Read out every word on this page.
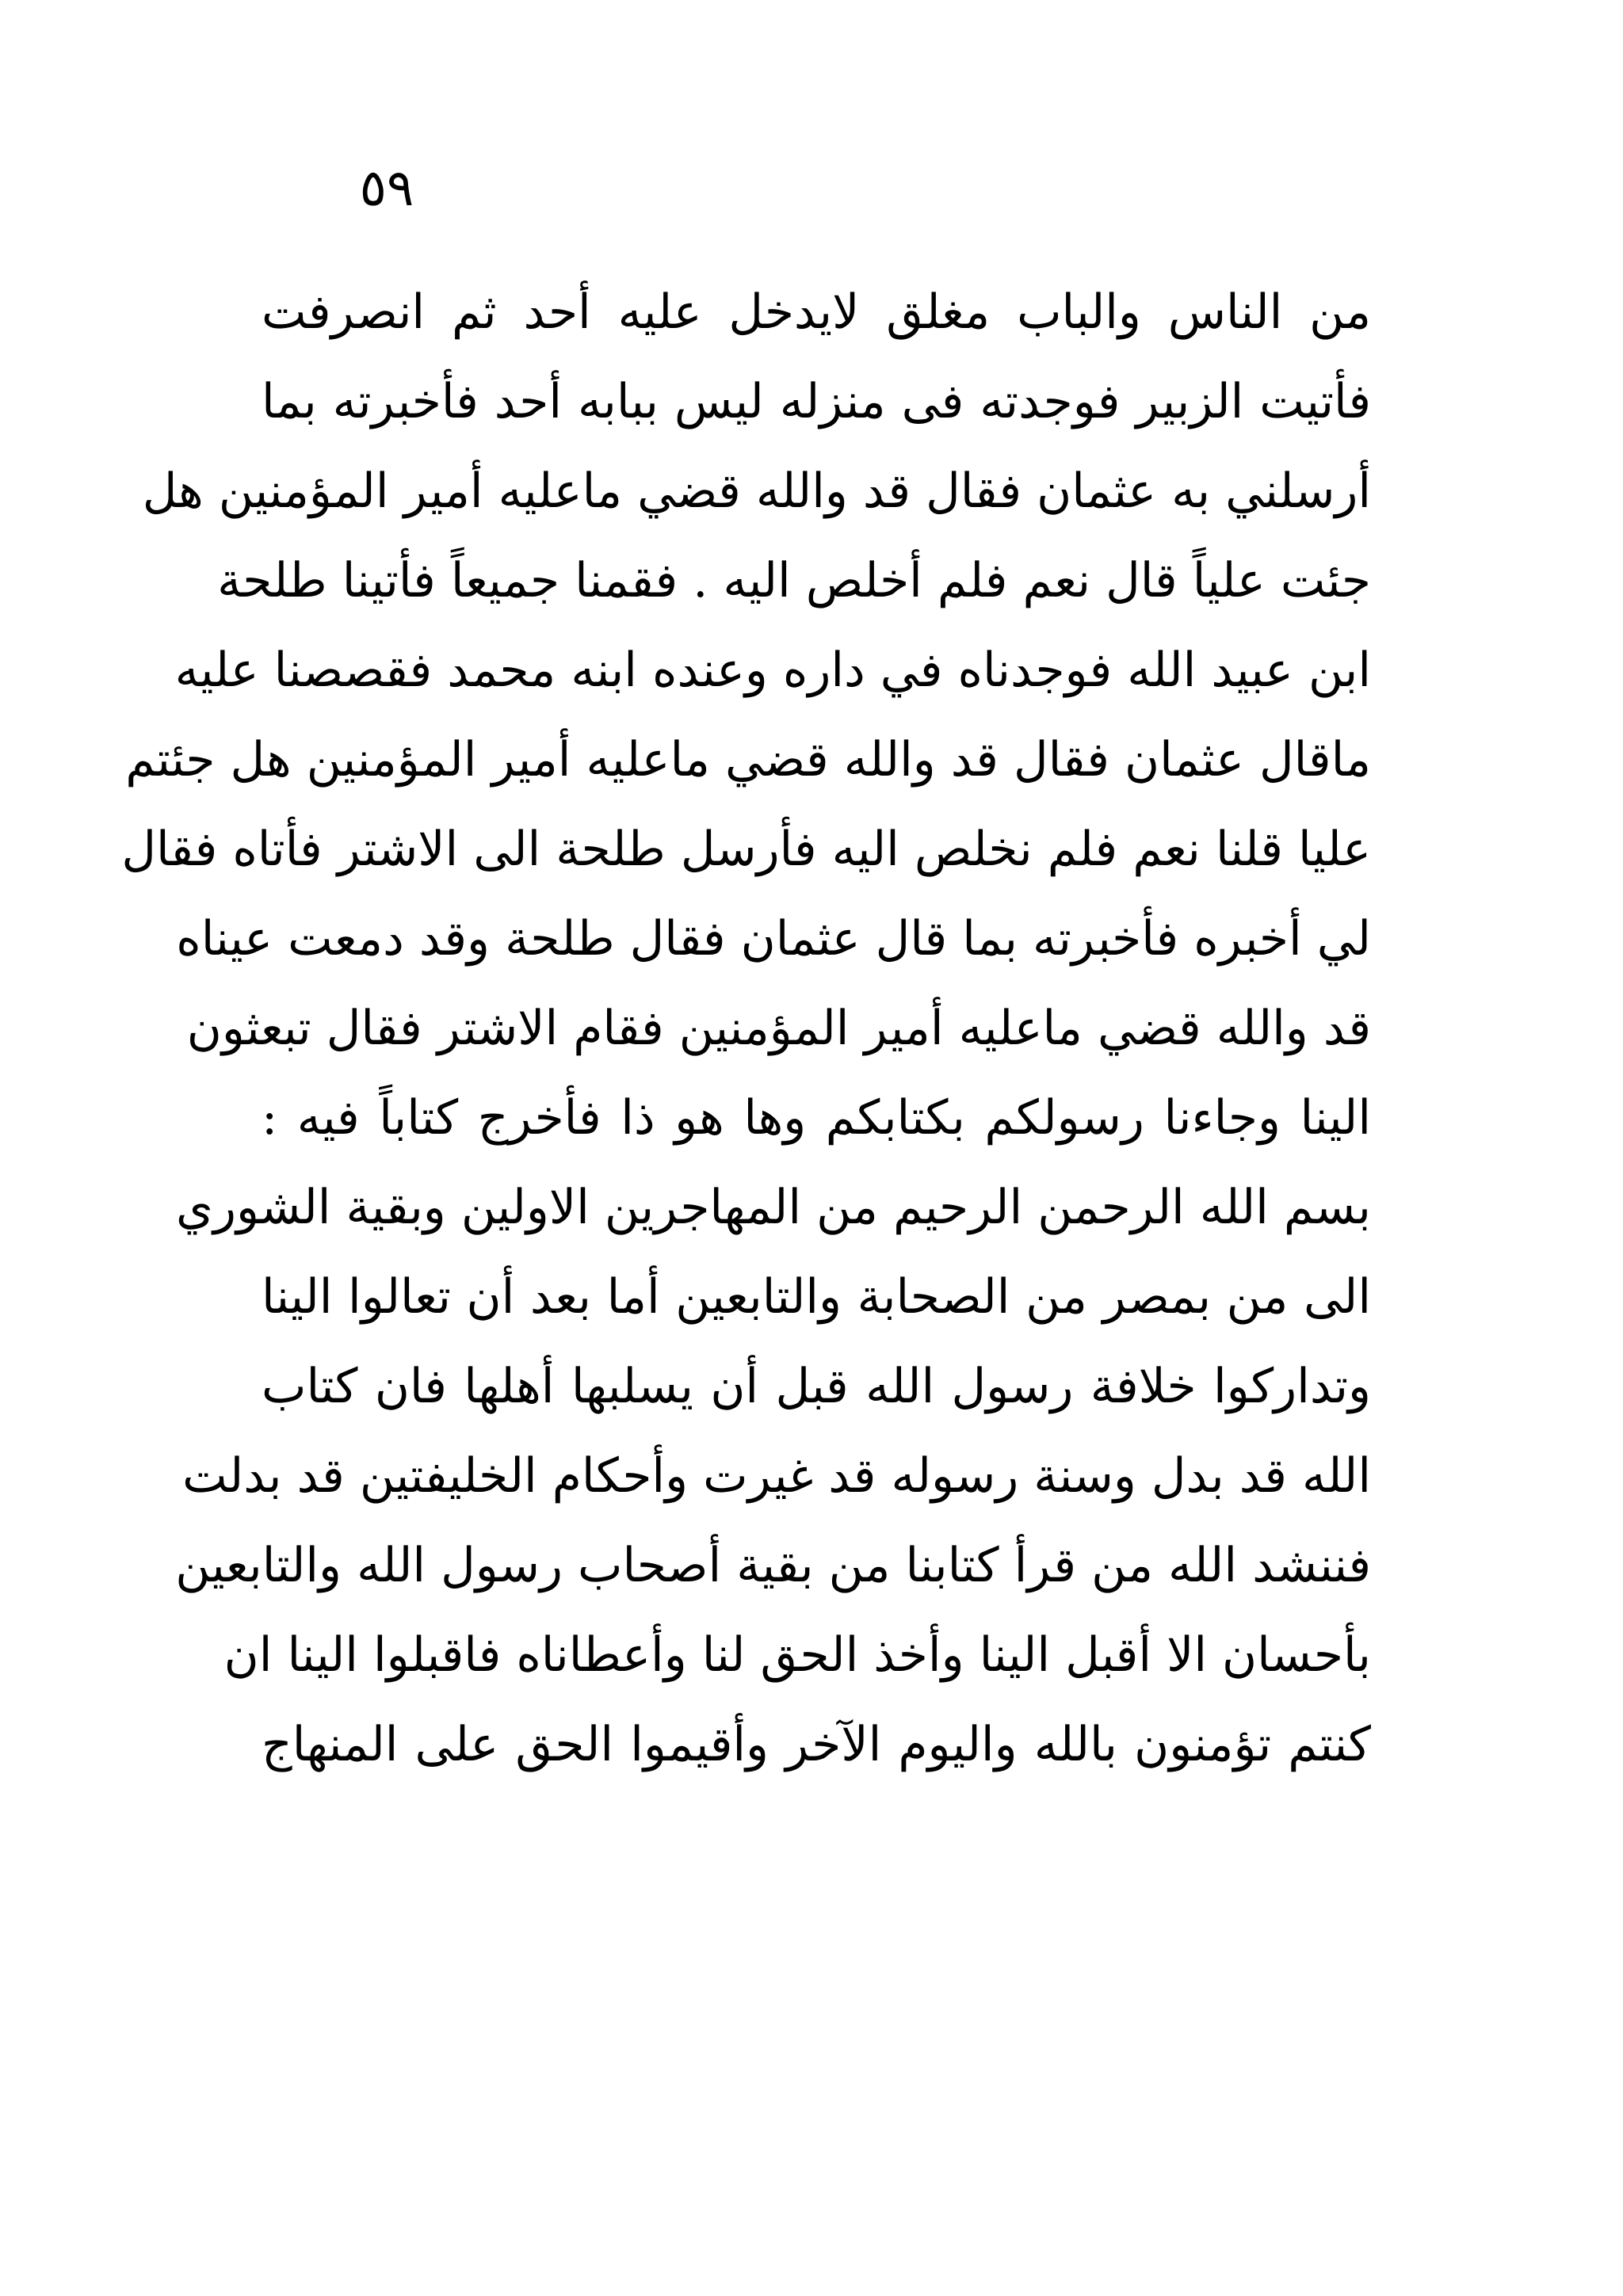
٥٩
من الناس والباب مغلق لايدخل عليه أحد ثم انصرفت
فأتيت الزبير فوجدته فى منزله ليس ببابه أحد فأخبرته بما
أرسلني به عثمان فقال قد والله قضي ماعليه أمير المؤمنين هل
جئت علياً قال نعم فلم أخلص اليه . فقمنا جميعاً فأتينا طلحة
ابن عبيد الله فوجدناه في داره وعنده ابنه محمد فقصصنا عليه
ماقال عثمان فقال قد والله قضي ماعليه أمير المؤمنين هل جئتم
عليا قلنا نعم فلم نخلص اليه فأرسل طلحة الى الاشتر فأتاه فقال
لي أخبره فأخبرته بما قال عثمان فقال طلحة وقد دمعت عيناه
قد والله قضي ماعليه أمير المؤمنين فقام الاشتر فقال تبعثون
الينا وجاءنا رسولكم بكتابكم وها هو ذا فأخرج كتاباً فيه :
بسم الله الرحمن الرحيم من المهاجرين الاولين وبقية الشوري
الى من بمصر من الصحابة والتابعين أما بعد أن تعالوا الينا
وتداركوا خلافة رسول الله قبل أن يسلبها أهلها فان كتاب
الله قد بدل وسنة رسوله قد غيرت وأحكام الخليفتين قد بدلت
فننشد الله من قرأ كتابنا من بقية أصحاب رسول الله والتابعين
بأحسان الا أقبل الينا وأخذ الحق لنا وأعطاناه فاقبلوا الينا ان
كنتم تؤمنون بالله واليوم الآخر وأقيموا الحق على المنهاج
